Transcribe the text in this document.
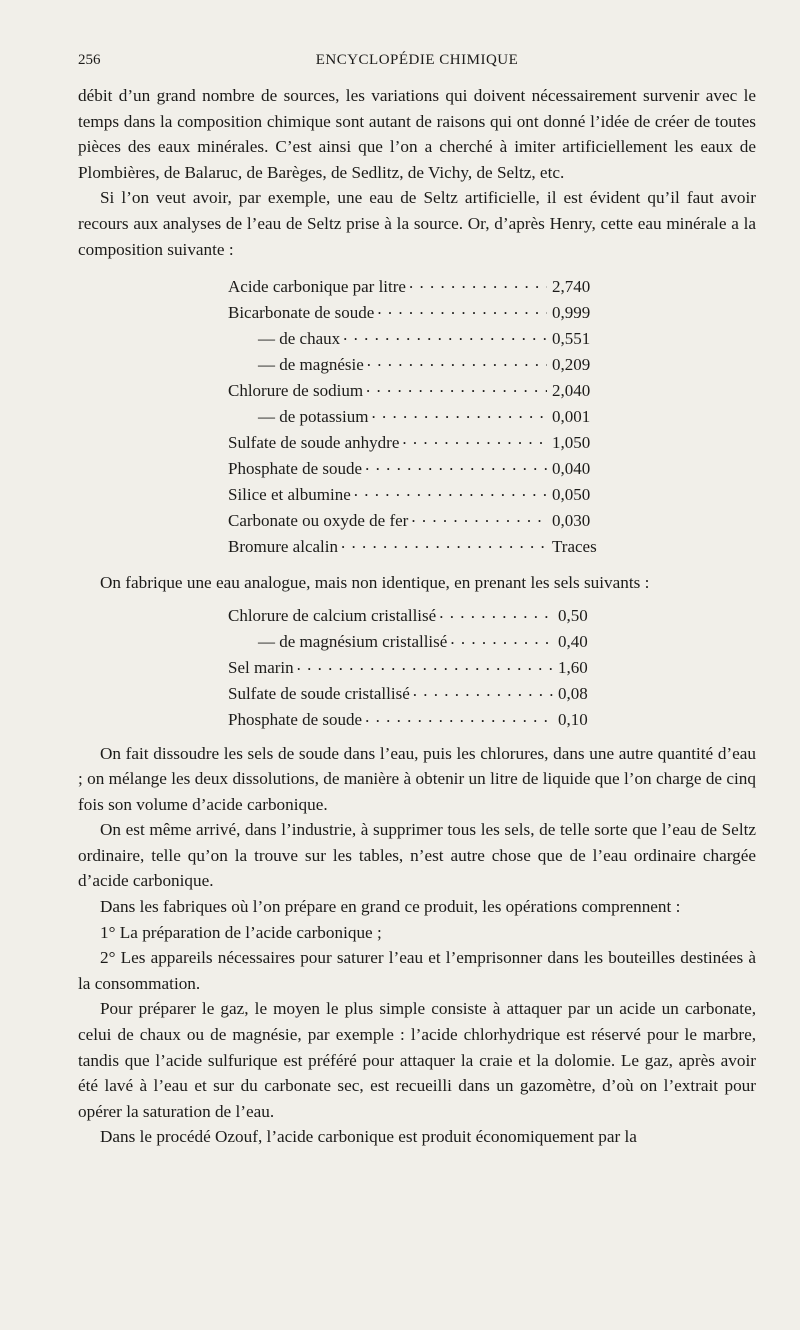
256	ENCYCLOPÉDIE CHIMIQUE

débit d’un grand nombre de sources, les variations qui doivent nécessairement survenir avec le temps dans la composition chimique sont autant de raisons qui ont donné l’idée de créer de toutes pièces des eaux minérales. C’est ainsi que l’on a cherché à imiter artificiellement les eaux de Plombières, de Balaruc, de Barèges, de Sedlitz, de Vichy, de Seltz, etc.

Si l’on veut avoir, par exemple, une eau de Seltz artificielle, il est évident qu’il faut avoir recours aux analyses de l’eau de Seltz prise à la source. Or, d’après Henry, cette eau minérale a la composition suivante :

Acide carbonique par litre . . .	2,740
Bicarbonate de soude . . .	0,999
— de chaux . . .	0,551
— de magnésie . . .	0,209
Chlorure de sodium . . .	2,040
— de potassium . . .	0,001
Sulfate de soude anhydre . . .	1,050
Phosphate de soude . . .	0,040
Silice et albumine . . .	0,050
Carbonate ou oxyde de fer . . .	0,030
Bromure alcalin . . .	Traces

On fabrique une eau analogue, mais non identique, en prenant les sels suivants :

Chlorure de calcium cristallisé . . .	0,50
— de magnésium cristallisé . . .	0,40
Sel marin . . .	1,60
Sulfate de soude cristallisé . . .	0,08
Phosphate de soude . . .	0,10

On fait dissoudre les sels de soude dans l’eau, puis les chlorures, dans une autre quantité d’eau ; on mélange les deux dissolutions, de manière à obtenir un litre de liquide que l’on charge de cinq fois son volume d’acide carbonique.

On est même arrivé, dans l’industrie, à supprimer tous les sels, de telle sorte que l’eau de Seltz ordinaire, telle qu’on la trouve sur les tables, n’est autre chose que de l’eau ordinaire chargée d’acide carbonique.

Dans les fabriques où l’on prépare en grand ce produit, les opérations comprennent :

1° La préparation de l’acide carbonique ;

2° Les appareils nécessaires pour saturer l’eau et l’emprisonner dans les bouteilles destinées à la consommation.

Pour préparer le gaz, le moyen le plus simple consiste à attaquer par un acide un carbonate, celui de chaux ou de magnésie, par exemple : l’acide chlorhydrique est réservé pour le marbre, tandis que l’acide sulfurique est préféré pour attaquer la craie et la dolomie. Le gaz, après avoir été lavé à l’eau et sur du carbonate sec, est recueilli dans un gazomètre, d’où on l’extrait pour opérer la saturation de l’eau.

Dans le procédé Ozouf, l’acide carbonique est produit économiquement par la
